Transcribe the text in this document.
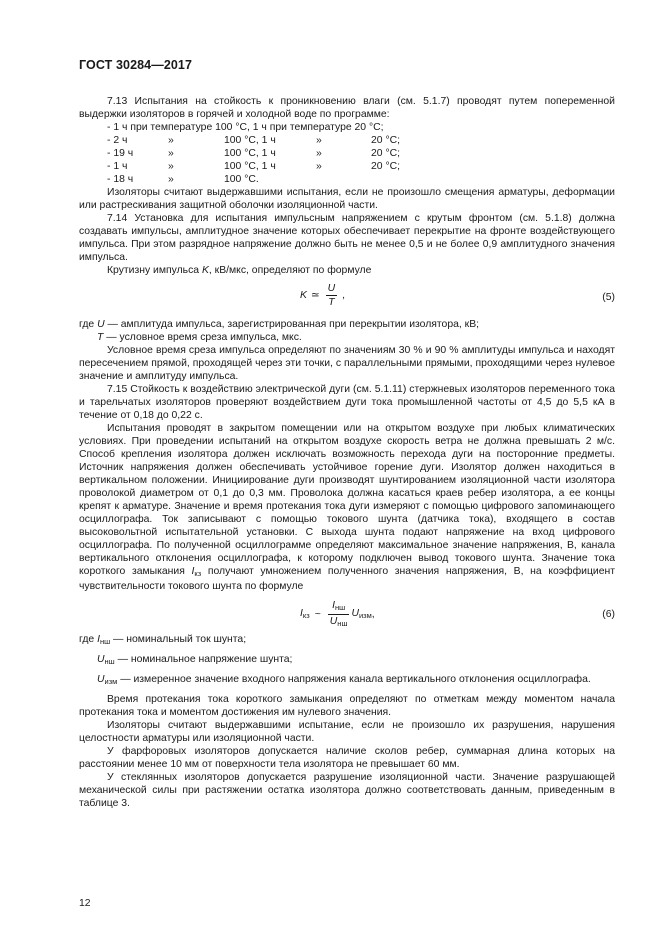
ГОСТ 30284—2017

7.13 Испытания на стойкость к проникновению влаги (см. 5.1.7) проводят путем попеременной выдержки изоляторов в горячей и холодной воде по программе:

- 1 ч при температуре 100 °С, 1 ч при температуре 20 °С;

- 2 ч	»	100 °С, 1 ч	»	20 °С;
- 19 ч	»	100 °С, 1 ч	»	20 °С;
- 1 ч	»	100 °С, 1 ч	»	20 °С;
- 18 ч	»	100 °С.

Изоляторы считают выдержавшими испытания, если не произошло смещения арматуры, деформации или растрескивания защитной оболочки изоляционной части.

7.14 Установка для испытания импульсным напряжением с крутым фронтом (см. 5.1.8) должна создавать импульсы, амплитудное значение которых обеспечивает перекрытие на фронте воздействующего импульса. При этом разрядное напряжение должно быть не менее 0,5 и не более 0,9 амплитудного значения импульса.

Крутизну импульса K, кВ/мкс, определяют по формуле

K ≃ $\frac{U}{T}$ ,	(5)

где U — амплитуда импульса, зарегистрированная при перекрытии изолятора, кВ;

T — условное время среза импульса, мкс.

Условное время среза импульса определяют по значениям 30 % и 90 % амплитуды импульса и находят пересечением прямой, проходящей через эти точки, с параллельными прямыми, проходящими через нулевое значение и амплитуду импульса.

7.15 Стойкость к воздействию электрической дуги (см. 5.1.11) стержневых изоляторов переменного тока и тарельчатых изоляторов проверяют воздействием дуги тока промышленной частоты от 4,5 до 5,5 кА в течение от 0,18 до 0,22 с.

Испытания проводят в закрытом помещении или на открытом воздухе при любых климатических условиях. При проведении испытаний на открытом воздухе скорость ветра не должна превышать 2 м/с. Способ крепления изолятора должен исключать возможность перехода дуги на посторонние предметы. Источник напряжения должен обеспечивать устойчивое горение дуги. Изолятор должен находиться в вертикальном положении. Инициирование дуги производят шунтированием изоляционной части изолятора проволокой диаметром от 0,1 до 0,3 мм. Проволока должна касаться краев ребер изолятора, а ее концы крепят к арматуре. Значение и время протекания тока дуги измеряют с помощью цифрового запоминающего осциллографа. Ток записывают с помощью токового шунта (датчика тока), входящего в состав высоковольтной испытательной установки. С выхода шунта подают напряжение на вход цифрового осциллографа. По полученной осциллограмме определяют максимальное значение напряжения, В, канала вертикального отклонения осциллографа, к которому подключен вывод токового шунта. Значение тока короткого замыкания $I_{кз}$ получают умножением полученного значения напряжения, В, на коэффициент чувствительности токового шунта по формуле

$I_{кз}$ ~ $\frac{I_{нш}}{U_{нш}} U_{изм}$ ,	(6)

где $I_{нш}$ — номинальный ток шунта;

$U_{нш}$ — номинальное напряжение шунта;

$U_{изм}$ — измеренное значение входного напряжения канала вертикального отклонения осциллографа.

Время протекания тока короткого замыкания определяют по отметкам между моментом начала протекания тока и моментом достижения им нулевого значения.

Изоляторы считают выдержавшими испытание, если не произошло их разрушения, нарушения целостности арматуры или изоляционной части.

У фарфоровых изоляторов допускается наличие сколов ребер, суммарная длина которых на расстоянии менее 10 мм от поверхности тела изолятора не превышает 60 мм.

У стеклянных изоляторов допускается разрушение изоляционной части. Значение разрушающей механической силы при растяжении остатка изолятора должно соответствовать данным, приведенным в таблице 3.

12
